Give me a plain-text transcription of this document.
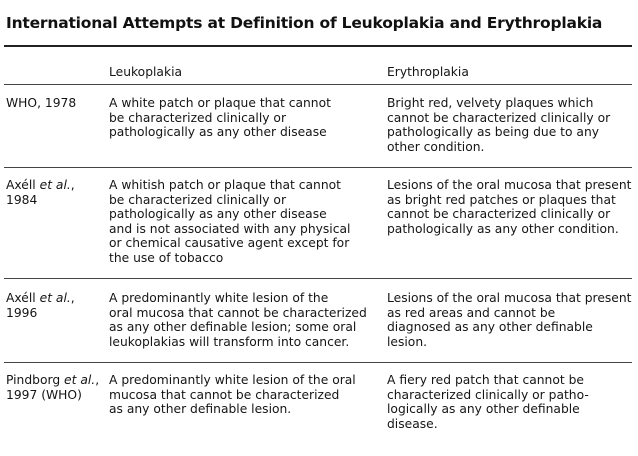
International Attempts at Definition of Leukoplakia and Erythroplakia
Leukoplakia	Erythroplakia
WHO, 1978	A white patch or plaque that cannot
be characterized clinically or
pathologically as any other disease
Bright red, velvety plaques which
cannot be characterized clinically or
pathologically as being due to any
other condition.
Axéll et al.,
1984
A whitish patch or plaque that cannot
be characterized clinically or
pathologically as any other disease
and is not associated with any physical
or chemical causative agent except for
the use of tobacco
Lesions of the oral mucosa that present
as bright red patches or plaques that
cannot be characterized clinically or
pathologically as any other condition.
Axéll et al.,
1996
A predominantly white lesion of the
oral mucosa that cannot be characterized
as any other definable lesion; some oral
leukoplakias will transform into cancer.
Lesions of the oral mucosa that present
as red areas and cannot be
diagnosed as any other definable
lesion.
Pindborg et al.,
1997 (WHO)
A predominantly white lesion of the oral
mucosa that cannot be characterized
as any other definable lesion.
A fiery red patch that cannot be
characterized clinically or patho-
logically as any other definable
disease.
